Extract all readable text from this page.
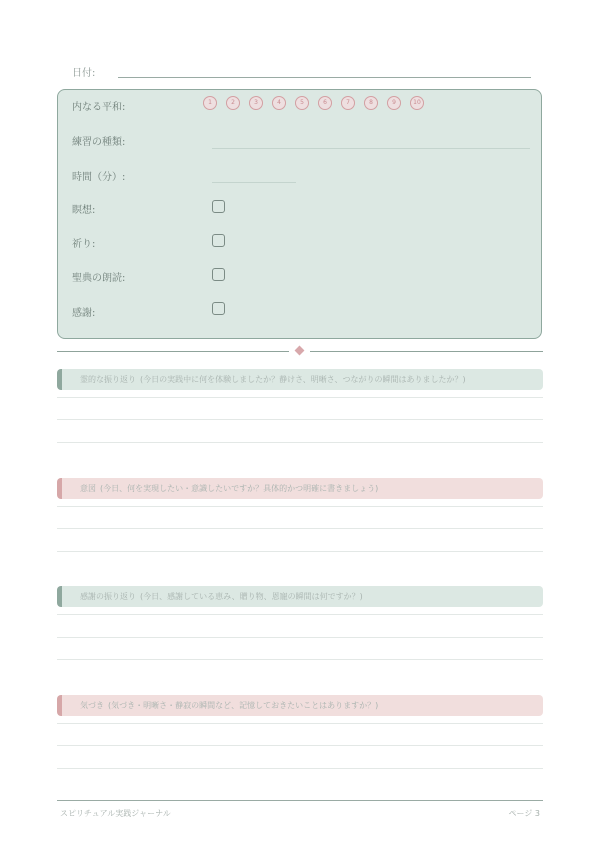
日付:
内なる平和:	1	2	3	4	5	6	7	8	9	10
練習の種類:
時間（分）:
瞑想:
祈り:
聖典の朗読:
感謝:
霊的な振り返り (今日の実践中に何を体験しましたか？静けさ、明晰さ、つながりの瞬間はありましたか？)
意図 (今日、何を実現したい・意識したいですか？具体的かつ明確に書きましょう)
感謝の振り返り (今日、感謝している恵み、贈り物、恩寵の瞬間は何ですか？)
気づき (気づき・明晰さ・静寂の瞬間など、記憶しておきたいことはありますか？)
スピリチュアル実践ジャーナル	ページ 3
